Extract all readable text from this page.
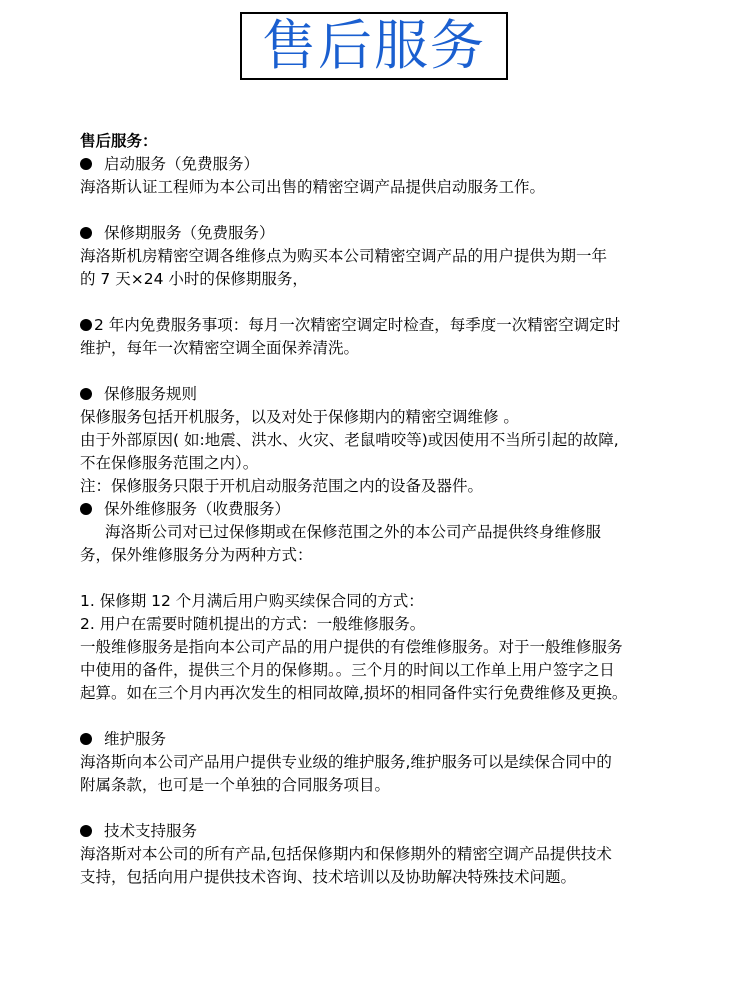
售后服务
售后服务：
启动服务（免费服务）
海洛斯认证工程师为本公司出售的精密空调产品提供启动服务工作。
保修期服务（免费服务）
海洛斯机房精密空调各维修点为购买本公司精密空调产品的用户提供为期一年
的 7 天×24 小时的保修期服务，
2 年内免费服务事项：每月一次精密空调定时检查，每季度一次精密空调定时
维护，每年一次精密空调全面保养清洗。
保修服务规则
保修服务包括开机服务，以及对处于保修期内的精密空调维修 。
由于外部原因( 如:地震、洪水、火灾、老鼠啃咬等)或因使用不当所引起的故障,
不在保修服务范围之内）。
注：保修服务只限于开机启动服务范围之内的设备及器件。
保外维修服务（收费服务）
海洛斯公司对已过保修期或在保修范围之外的本公司产品提供终身维修服
务，保外维修服务分为两种方式：
1. 保修期 12 个月满后用户购买续保合同的方式：
2. 用户在需要时随机提出的方式：一般维修服务。
一般维修服务是指向本公司产品的用户提供的有偿维修服务。对于一般维修服务
中使用的备件，提供三个月的保修期。。三个月的时间以工作单上用户签字之日
起算。如在三个月内再次发生的相同故障,损坏的相同备件实行免费维修及更换。
维护服务
海洛斯向本公司产品用户提供专业级的维护服务,维护服务可以是续保合同中的
附属条款，也可是一个单独的合同服务项目。
技术支持服务
海洛斯对本公司的所有产品,包括保修期内和保修期外的精密空调产品提供技术
支持，包括向用户提供技术咨询、技术培训以及协助解决特殊技术问题。
